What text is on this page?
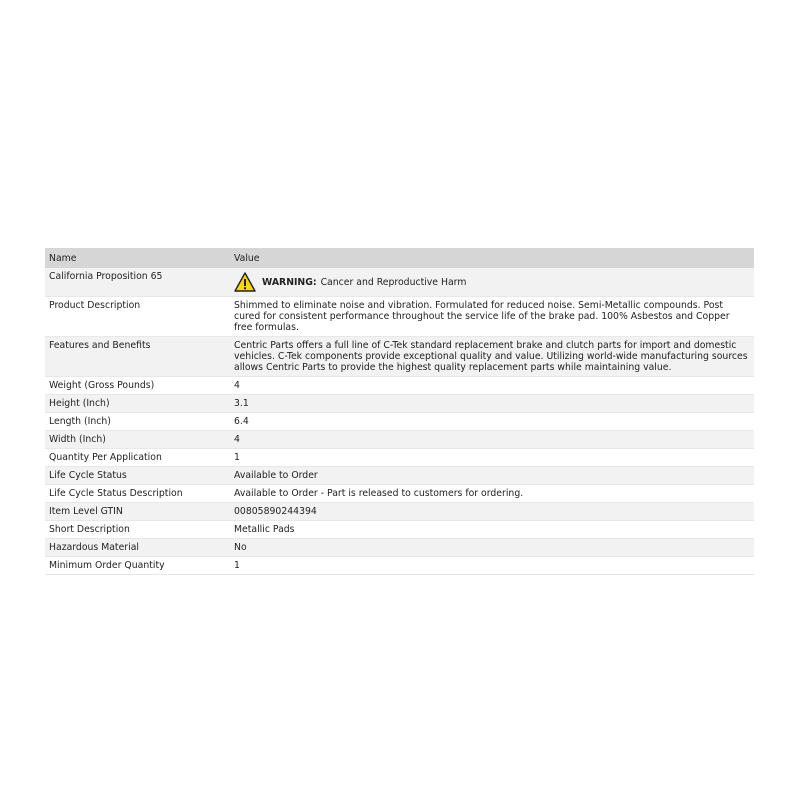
Name	Value
California Proposition 65	WARNING: Cancer and Reproductive Harm

Product Description	Shimmed to eliminate noise and vibration. Formulated for reduced noise. Semi-Metallic compounds. Post cured for consistent performance throughout the service life of the brake pad. 100% Asbestos and Copper free formulas.
Features and Benefits	Centric Parts offers a full line of C-Tek standard replacement brake and clutch parts for import and domestic vehicles. C-Tek components provide exceptional quality and value. Utilizing world-wide manufacturing sources allows Centric Parts to provide the highest quality replacement parts while maintaining value.
Weight (Gross Pounds)	4
Height (Inch)	3.1
Length (Inch)	6.4
Width (Inch)	4
Quantity Per Application	1
Life Cycle Status	Available to Order
Life Cycle Status Description	Available to Order - Part is released to customers for ordering.
Item Level GTIN	00805890244394
Short Description	Metallic Pads
Hazardous Material	No
Minimum Order Quantity	1
